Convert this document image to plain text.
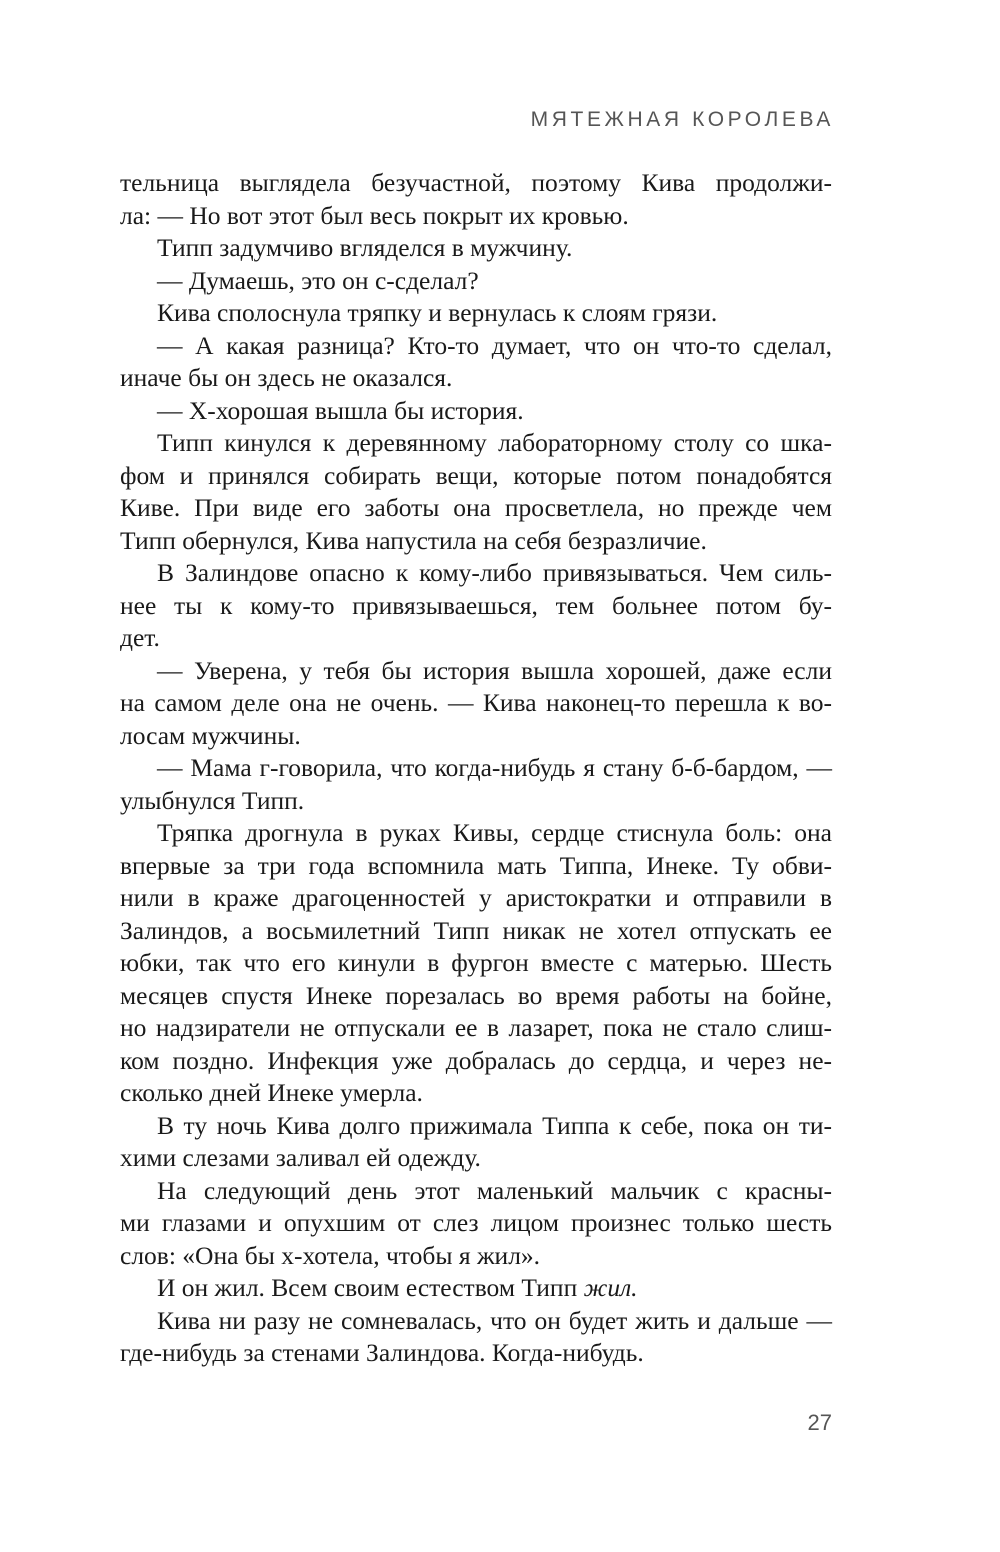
МЯТЕЖНАЯ КОРОЛЕВА
тельница выглядела безучастной, поэтому Кива продолжи-
ла: — Но вот этот был весь покрыт их кровью.
Типп задумчиво вгляделся в мужчину.
— Думаешь, это он с-сделал?
Кива сполоснула тряпку и вернулась к слоям грязи.
— А какая разница? Кто-то думает, что он что-то сделал,
иначе бы он здесь не оказался.
— Х-хорошая вышла бы история.
Типп кинулся к деревянному лабораторному столу со шка-
фом и принялся собирать вещи, которые потом понадобятся
Киве. При виде его заботы она просветлела, но прежде чем
Типп обернулся, Кива напустила на себя безразличие.
В Залиндове опасно к кому-либо привязываться. Чем силь-
нее ты к кому-то привязываешься, тем больнее потом бу-
дет.
— Уверена, у тебя бы история вышла хорошей, даже если
на самом деле она не очень. — Кива наконец-то перешла к во-
лосам мужчины.
— Мама г-говорила, что когда-нибудь я стану б-б-бардом, —
улыбнулся Типп.
Тряпка дрогнула в руках Кивы, сердце стиснула боль: она
впервые за три года вспомнила мать Типпа, Инеке. Ту обви-
нили в краже драгоценностей у аристократки и отправили в
Залиндов, а восьмилетний Типп никак не хотел отпускать ее
юбки, так что его кинули в фургон вместе с матерью. Шесть
месяцев спустя Инеке порезалась во время работы на бойне,
но надзиратели не отпускали ее в лазарет, пока не стало слиш-
ком поздно. Инфекция уже добралась до сердца, и через не-
сколько дней Инеке умерла.
В ту ночь Кива долго прижимала Типпа к себе, пока он ти-
хими слезами заливал ей одежду.
На следующий день этот маленький мальчик с красны-
ми глазами и опухшим от слез лицом произнес только шесть
слов: «Она бы х-хотела, чтобы я жил».
И он жил. Всем своим естеством Типп жил.
Кива ни разу не сомневалась, что он будет жить и дальше —
где-нибудь за стенами Залиндова. Когда-нибудь.
27
